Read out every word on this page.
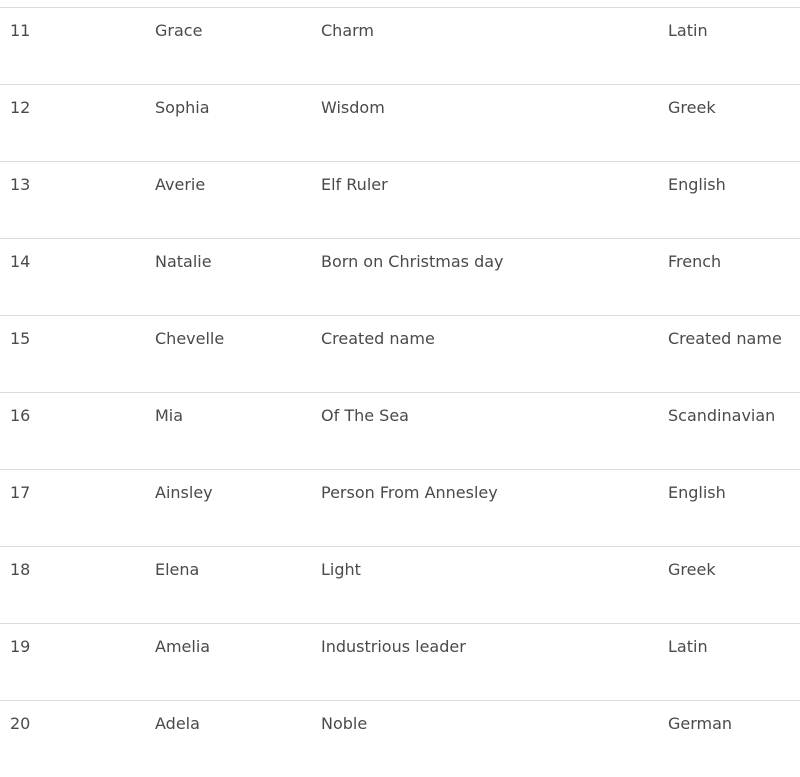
11	Grace	Charm	Latin
12	Sophia	Wisdom	Greek
13	Averie	Elf Ruler	English
14	Natalie	Born on Christmas day	French
15	Chevelle	Created name	Created name
16	Mia	Of The Sea	Scandinavian
17	Ainsley	Person From Annesley	English
18	Elena	Light	Greek
19	Amelia	Industrious leader	Latin
20	Adela	Noble	German
